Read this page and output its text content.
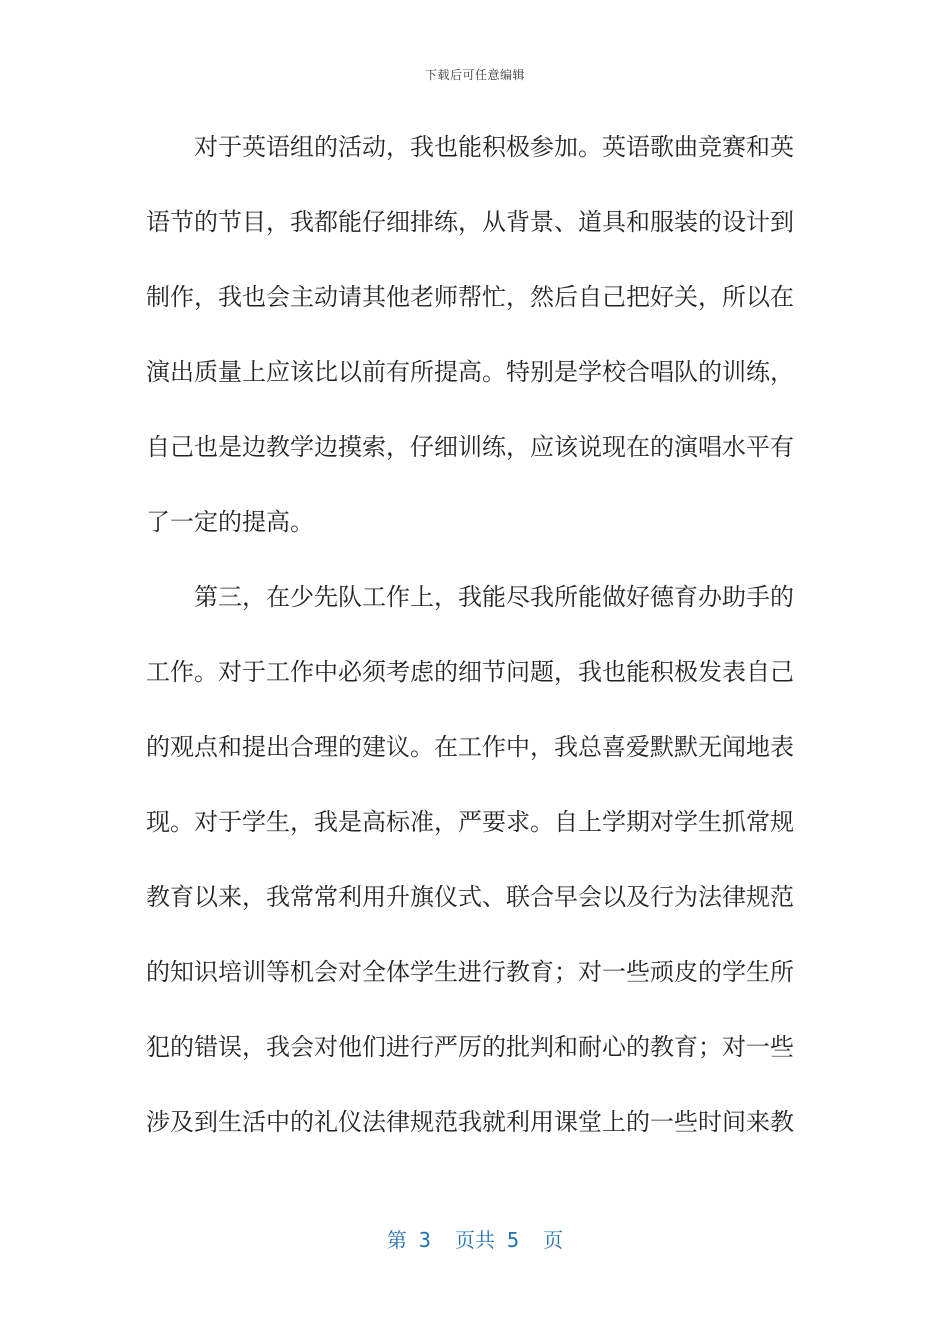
下载后可任意编辑
对于英语组的活动，我也能积极参加。英语歌曲竞赛和英
语节的节目，我都能仔细排练，从背景、道具和服装的设计到
制作，我也会主动请其他老师帮忙，然后自己把好关，所以在
演出质量上应该比以前有所提高。特别是学校合唱队的训练，
自己也是边教学边摸索，仔细训练，应该说现在的演唱水平有
了一定的提高。
第三，在少先队工作上，我能尽我所能做好德育办助手的
工作。对于工作中必须考虑的细节问题，我也能积极发表自己
的观点和提出合理的建议。在工作中，我总喜爱默默无闻地表
现。对于学生，我是高标准，严要求。自上学期对学生抓常规
教育以来，我常常利用升旗仪式、联合早会以及行为法律规范
的知识培训等机会对全体学生进行教育；对一些顽皮的学生所
犯的错误，我会对他们进行严厉的批判和耐心的教育；对一些
涉及到生活中的礼仪法律规范我就利用课堂上的一些时间来教
第 3  页共 5  页
